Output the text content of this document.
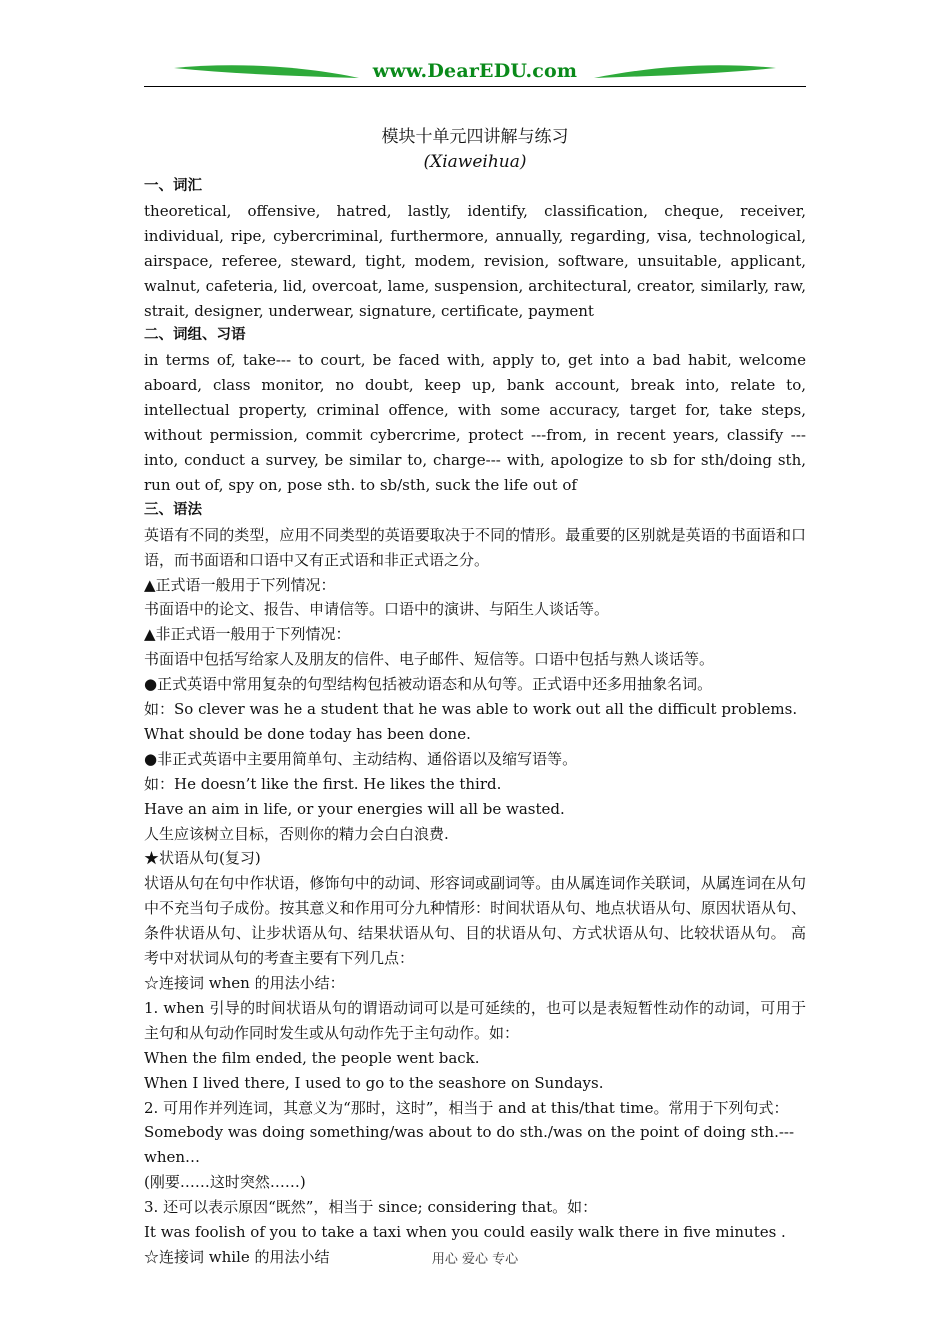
www.DearEDU.com
模块十单元四讲解与练习
(Xiaweihua)

一、词汇

theoretical, offensive, hatred, lastly, identify, classification, cheque, receiver, individual, ripe, cybercriminal, furthermore, annually, regarding, visa, technological, airspace, referee, steward, tight, modem, revision, software, unsuitable, applicant, walnut, cafeteria, lid, overcoat, lame, suspension, architectural, creator, similarly, raw, strait, designer, underwear, signature, certificate, payment

二、词组、习语

in terms of, take--- to court, be faced with, apply to, get into a bad habit, welcome aboard, class monitor, no doubt, keep up, bank account, break into, relate to, intellectual property, criminal offence, with some accuracy, target for, take steps, without permission, commit cybercrime, protect ---from, in recent years, classify ---into, conduct a survey, be similar to, charge--- with, apologize to sb for sth/doing sth, run out of, spy on, pose sth. to sb/sth, suck the life out of

三、语法

英语有不同的类型，应用不同类型的英语要取决于不同的情形。最重要的区别就是英语的书面语和口语，而书面语和口语中又有正式语和非正式语之分。

▲正式语一般用于下列情况：

书面语中的论文、报告、申请信等。口语中的演讲、与陌生人谈话等。

▲非正式语一般用于下列情况：

书面语中包括写给家人及朋友的信件、电子邮件、短信等。口语中包括与熟人谈话等。

●正式英语中常用复杂的句型结构包括被动语态和从句等。正式语中还多用抽象名词。

如：So clever was he a student that he was able to work out all the difficult problems.

What should be done today has been done.

●非正式英语中主要用简单句、主动结构、通俗语以及缩写语等。

如：He doesn’t like the first. He likes the third.

Have an aim in life, or your energies will all be wasted.

人生应该树立目标，否则你的精力会白白浪费.

★状语从句(复习)

状语从句在句中作状语，修饰句中的动词、形容词或副词等。由从属连词作关联词，从属连词在从句中不充当句子成份。按其意义和作用可分九种情形：时间状语从句、地点状语从句、原因状语从句、条件状语从句、让步状语从句、结果状语从句、目的状语从句、方式状语从句、比较状语从句。 高考中对状词从句的考查主要有下列几点：

☆连接词 when 的用法小结：

1. when 引导的时间状语从句的谓语动词可以是可延续的，也可以是表短暂性动作的动词，可用于主句和从句动作同时发生或从句动作先于主句动作。如：

When the film ended, the people went back.

When I lived there, I used to go to the seashore on Sundays.

2. 可用作并列连词，其意义为“那时，这时”，相当于 and at this/that time。常用于下列句式：

Somebody was doing something/was about to do sth./was on the point of doing sth.---when…

(刚要……这时突然……)

3. 还可以表示原因“既然”，相当于 since; considering that。如：

It was foolish of you to take a taxi when you could easily walk there in five minutes .

☆连接词 while 的用法小结	用心 爱心 专心
